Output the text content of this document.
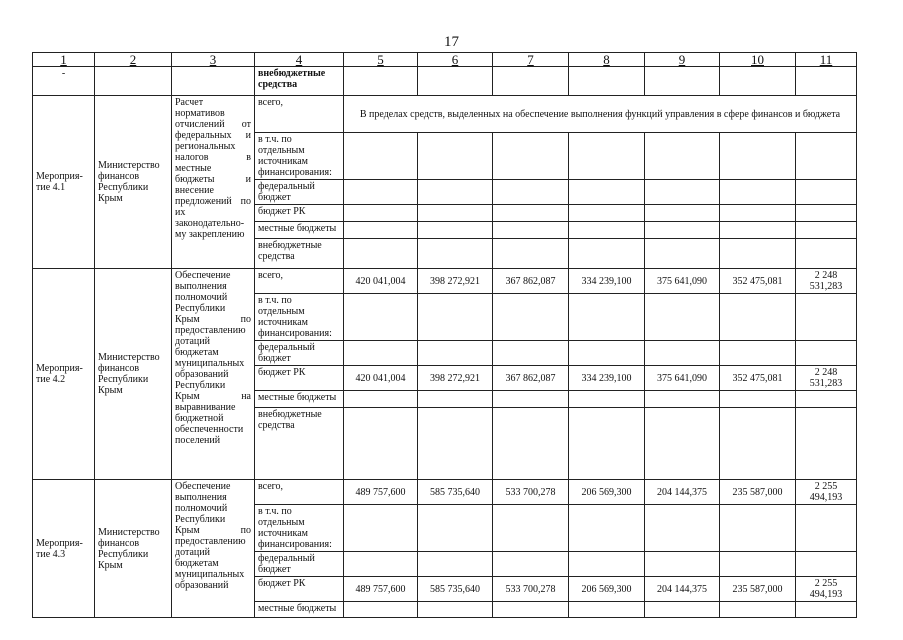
17
1	2	3	4	5	6	7	8	9	10	11
-			внебюджетные средства							
Мероприя-тие 4.1	Министерство финансов Республики Крым	Расчет нормативов отчислений от федеральных и региональных налогов в местные бюджеты и внесение предложений по их законодательно-му закреплению	всего,	В пределах средств, выделенных на обеспечение выполнения функций управления в сфере финансов и бюджета						
			в т.ч. по отдельным источникам финансирования:							
			федеральный бюджет							
			бюджет РК							
			местные бюджеты							
			внебюджетные средства							
Мероприя-тие 4.2	Министерство финансов Республики Крым	Обеспечение выполнения полномочий Республики Крым по предоставлению дотаций бюджетам муниципальных образований Республики Крым на выравнивание бюджетной обеспеченности поселений	всего,	420 041,004	398 272,921	367 862,087	334 239,100	375 641,090	352 475,081	2 248 531,283
			в т.ч. по отдельным источникам финансирования:							
			федеральный бюджет							
			бюджет РК	420 041,004	398 272,921	367 862,087	334 239,100	375 641,090	352 475,081	2 248 531,283
			местные бюджеты							
			внебюджетные средства							
Мероприя-тие 4.3	Министерство финансов Республики Крым	Обеспечение выполнения полномочий Республики Крым по предоставлению дотаций бюджетам муниципальных образований	всего,	489 757,600	585 735,640	533 700,278	206 569,300	204 144,375	235 587,000	2 255 494,193
			в т.ч. по отдельным источникам финансирования:							
			федеральный бюджет							
			бюджет РК	489 757,600	585 735,640	533 700,278	206 569,300	204 144,375	235 587,000	2 255 494,193
			местные бюджеты							
